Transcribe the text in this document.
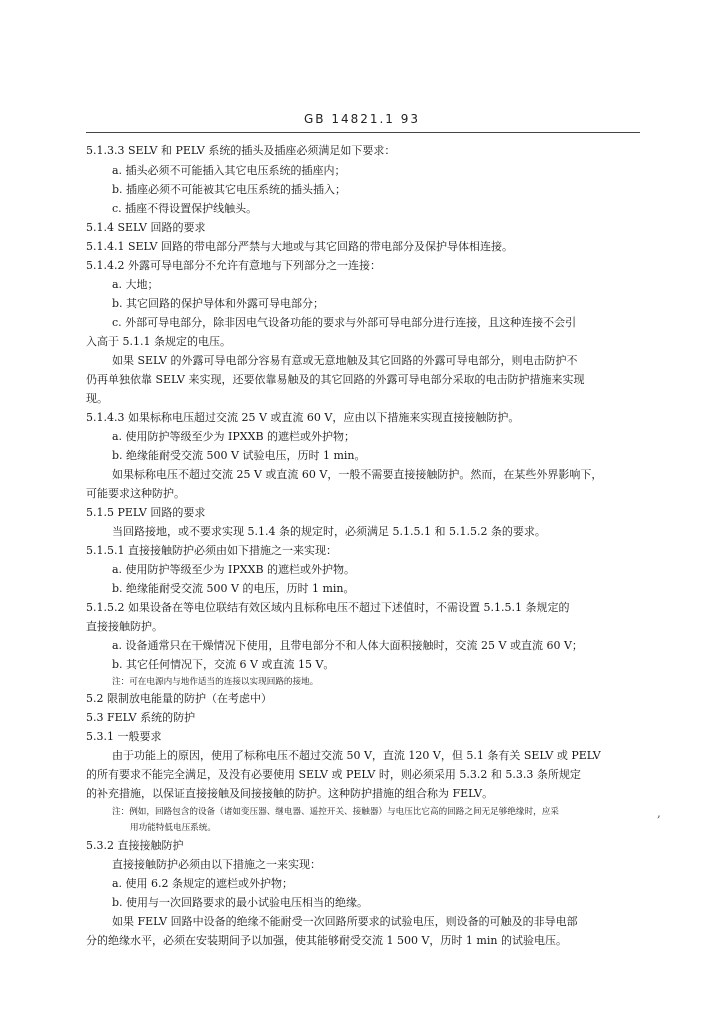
GB 14821.1 93
5.1.3.3 SELV 和 PELV 系统的插头及插座必须满足如下要求：
a. 插头必须不可能插入其它电压系统的插座内；
b. 插座必须不可能被其它电压系统的插头插入；
c. 插座不得设置保护线触头。
5.1.4 SELV 回路的要求
5.1.4.1 SELV 回路的带电部分严禁与大地或与其它回路的带电部分及保护导体相连接。
5.1.4.2 外露可导电部分不允许有意地与下列部分之一连接：
a. 大地；
b. 其它回路的保护导体和外露可导电部分；
c. 外部可导电部分，除非因电气设备功能的要求与外部可导电部分进行连接，且这种连接不会引
入高于 5.1.1 条规定的电压。
如果 SELV 的外露可导电部分容易有意或无意地触及其它回路的外露可导电部分，则电击防护不
仍再单独依靠 SELV 来实现，还要依靠易触及的其它回路的外露可导电部分采取的电击防护措施来实现
现。
5.1.4.3 如果标称电压超过交流 25 V 或直流 60 V，应由以下措施来实现直接接触防护。
a. 使用防护等级至少为 IPXXB 的遮栏或外护物；
b. 绝缘能耐受交流 500 V 试验电压，历时 1 min。
如果标称电压不超过交流 25 V 或直流 60 V，一般不需要直接接触防护。然而，在某些外界影响下，
可能要求这种防护。
5.1.5 PELV 回路的要求
当回路接地，或不要求实现 5.1.4 条的规定时，必须满足 5.1.5.1 和 5.1.5.2 条的要求。
5.1.5.1 直接接触防护必须由如下措施之一来实现：
a. 使用防护等级至少为 IPXXB 的遮栏或外护物。
b. 绝缘能耐受交流 500 V 的电压，历时 1 min。
5.1.5.2 如果设备在等电位联结有效区域内且标称电压不超过下述值时，不需设置 5.1.5.1 条规定的
直接接触防护。
a. 设备通常只在干燥情况下使用，且带电部分不和人体大面积接触时，交流 25 V 或直流 60 V；
b. 其它任何情况下，交流 6 V 或直流 15 V。
注：可在电源内与地作适当的连接以实现回路的接地。
5.2 限制放电能量的防护（在考虑中）
5.3 FELV 系统的防护
5.3.1 一般要求
由于功能上的原因，使用了标称电压不超过交流 50 V，直流 120 V，但 5.1 条有关 SELV 或 PELV
的所有要求不能完全满足，及没有必要使用 SELV 或 PELV 时，则必须采用 5.3.2 和 5.3.3 条所规定
的补充措施，以保证直接接触及间接接触的防护。这种防护措施的组合称为 FELV。
注：例如，回路包含的设备（诸如变压器、继电器、遥控开关、接触器）与电压比它高的回路之间无足够绝缘时，应采
用功能特低电压系统。
5.3.2 直接接触防护
直接接触防护必须由以下措施之一来实现：
a. 使用 6.2 条规定的遮栏或外护物；
b. 使用与一次回路要求的最小试验电压相当的绝缘。
如果 FELV 回路中设备的绝缘不能耐受一次回路所要求的试验电压，则设备的可触及的非导电部
分的绝缘水平，必须在安装期间予以加强，使其能够耐受交流 1 500 V，历时 1 min 的试验电压。
,
